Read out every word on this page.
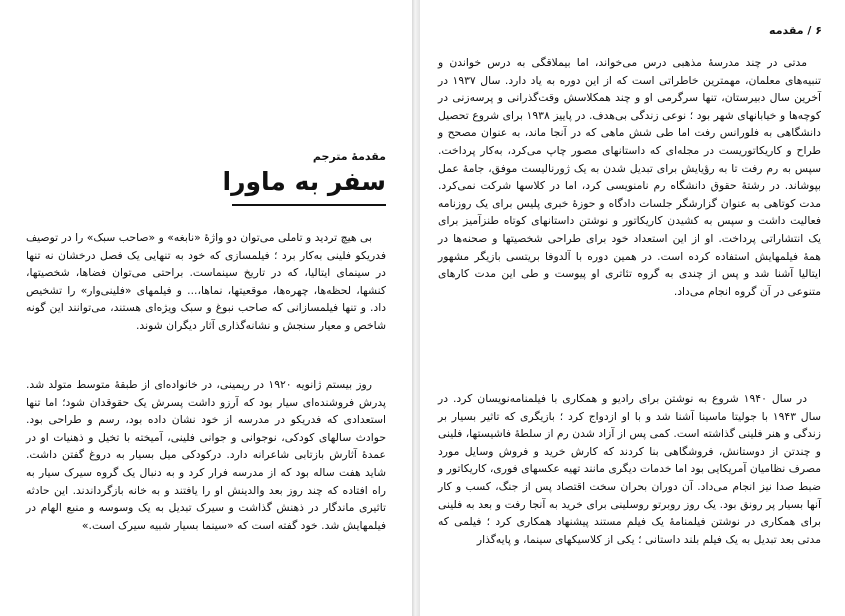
مقدمهٔ مترجم
سفر به ماورا

بی هیچ تردید و تاملی می‌توان دو واژهٔ «نابغه» و «صاحب سبک» را در توصیف فدریکو فلینی به‌کار برد ؛ فیلمسازی که خود به تنهایی یک فصل درخشان نه تنها در سینمای ایتالیا، که در تاریخ سینماست. براحتی می‌توان فضاها، شخصیتها، کنشها، لحظه‌ها، چهره‌ها، موقعیتها، نماها،... و فیلمهای «فلینی‌وار» را تشخیص داد. و تنها فیلمسازانی که صاحب نبوغ و سبک ویژه‌ای هستند، می‌توانند این گونه شاخص و معیار سنجش و نشانه‌گذاری آثار دیگران شوند.

روز بیستم ژانویه ۱۹۲۰ در ریمینی، در خانواده‌ای از طبقهٔ متوسط متولد شد. پدرش فروشنده‌ای سیار بود که آرزو داشت پسرش یک حقوقدان شود؛ اما تنها استعدادی که فدریکو در مدرسه از خود نشان داده بود، رسم و طراحی بود. حوادث سالهای کودکی، نوجوانی و جوانی فلینی، آمیخته با تخیل و ذهنیات او در عمدهٔ آثارش بازتابی شاعرانه دارد. درکودکی میل بسیار به دروغ گفتن داشت. شاید هفت ساله بود که از مدرسه فرار کرد و به دنبال یک گروه سیرک سیار به راه افتاده که چند روز بعد والدینش او را یافتند و به خانه بازگرداندند. این حادثه تاثیری ماندگار در ذهنش گذاشت و سیرک تبدیل به یک وسوسه و منبع الهام در فیلمهایش شد. خود گفته است که «سینما بسیار شبیه سیرک است.»

۶ / مقدمه

مدتی در چند مدرسهٔ مذهبی درس می‌خواند، اما بیملاقگی به درس خواندن و تنبیه‌های معلمان، مهمترین خاطراتی است که از این دوره به یاد دارد. سال ۱۹۳۷ در آخرین سال دبیرستان، تنها سرگرمی او و چند همکلاسش وقت‌گذرانی و پرسه‌زنی در کوچه‌ها و خیابانهای شهر بود ؛ نوعی زندگی بی‌هدف. در پاییز ۱۹۳۸ برای شروع تحصیل دانشگاهی به فلورانس رفت اما طی شش ماهی که در آنجا ماند، به عنوان مصحح و طراح و کاریکاتوریست در مجله‌ای که داستانهای مصور چاپ می‌کرد، به‌کار پرداخت. سپس به رم رفت تا به رؤیایش برای تبدیل شدن به یک ژورنالیست موفق، جامهٔ عمل بپوشاند. در رشتهٔ حقوق دانشگاه رم نامنویسی کرد، اما در کلاسها شرکت نمی‌کرد. مدت کوتاهی به عنوان گزارشگر جلسات دادگاه و حوزهٔ خبری پلیس برای یک روزنامه فعالیت داشت و سپس به کشیدن کاریکاتور و نوشتن داستانهای کوتاه طنزآمیز برای یک انتشاراتی پرداخت. او از این استعداد خود برای طراحی شخصیتها و صحنه‌ها در همهٔ فیلمهایش استفاده کرده است. در همین دوره با آلدوفا بریتسی بازیگر مشهور ایتالیا آشنا شد و پس از چندی به گروه تئاتری او پیوست و طی این مدت کارهای متنوعی در آن گروه انجام می‌داد.

در سال ۱۹۴۰ شروع به نوشتن برای رادیو و همکاری با فیلمنامه‌نویسان کرد. در سال ۱۹۴۳ با جولیتا ماسینا آشنا شد و با او ازدواج کرد ؛ بازیگری که تاثیر بسیار بر زندگی و هنر فلینی گذاشته است. کمی پس از آزاد شدن رم از سلطهٔ فاشیستها، فلینی و چندتن از دوستانش، فروشگاهی بنا کردند که کارش خرید و فروش وسایل مورد مصرف نظامیان آمریکایی بود اما خدمات دیگری مانند تهیه عکسهای فوری، کاریکاتور و ضبط صدا نیز انجام می‌داد. آن دوران بحران سخت اقتصاد پس از جنگ، کسب و کار آنها بسیار پر رونق بود. یک روز روبرتو روسلینی برای خرید به آنجا رفت و بعد به فلینی برای همکاری در نوشتن فیلمنامهٔ یک فیلم مستند پیشنهاد همکاری کرد ؛ فیلمی که مدتی بعد تبدیل به یک فیلم بلند داستانی ؛ یکی از کلاسیکهای سینما، و پایه‌گذار
